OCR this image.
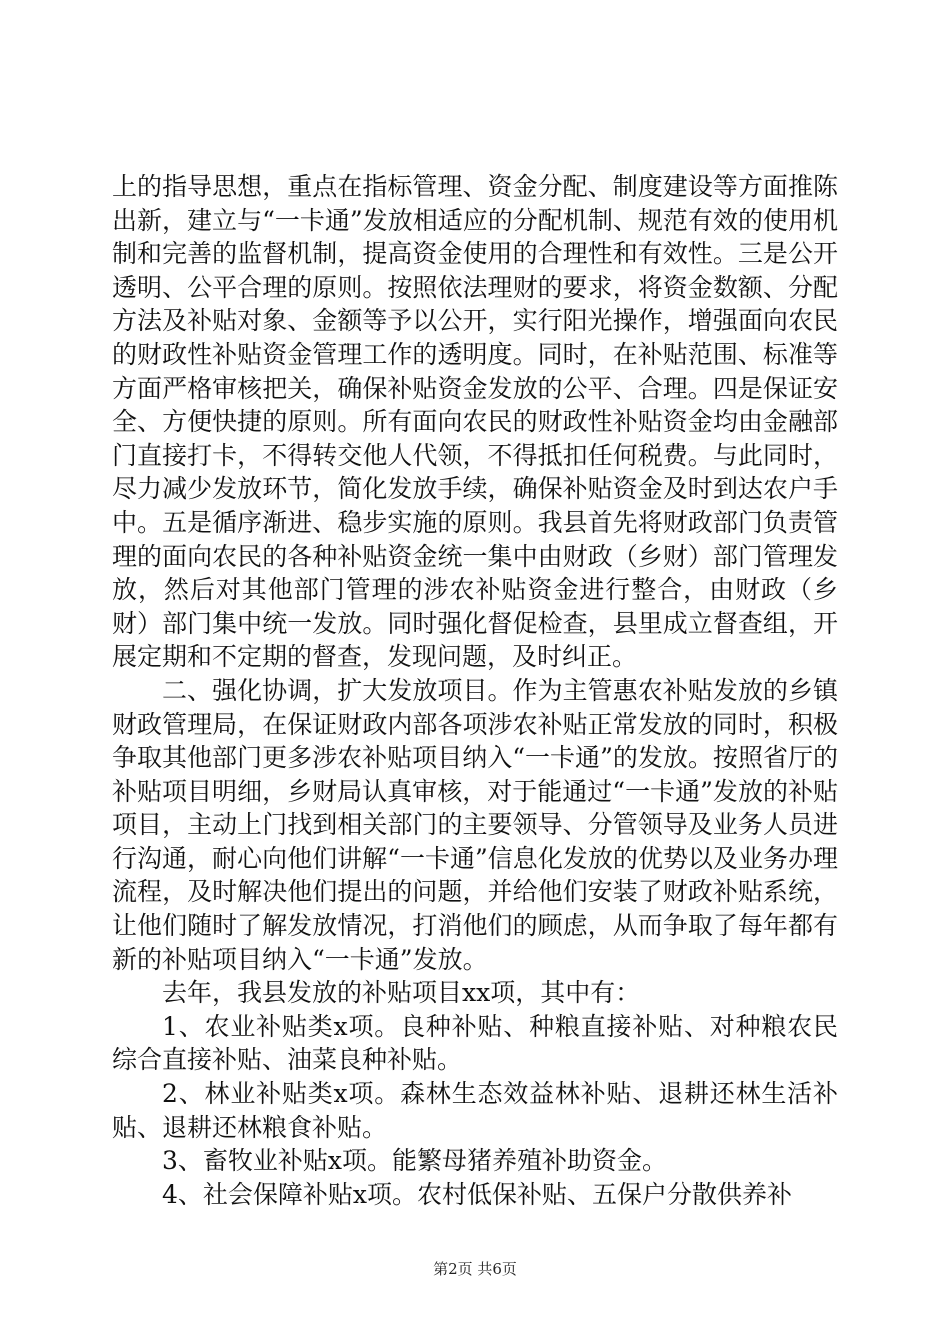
上的指导思想，重点在指标管理、资金分配、制度建设等方面推陈出新，建立与“一卡通”发放相适应的分配机制、规范有效的使用机制和完善的监督机制，提高资金使用的合理性和有效性。三是公开透明、公平合理的原则。按照依法理财的要求，将资金数额、分配方法及补贴对象、金额等予以公开，实行阳光操作，增强面向农民的财政性补贴资金管理工作的透明度。同时，在补贴范围、标准等方面严格审核把关，确保补贴资金发放的公平、合理。四是保证安全、方便快捷的原则。所有面向农民的财政性补贴资金均由金融部门直接打卡，不得转交他人代领，不得抵扣任何税费。与此同时，尽力减少发放环节，简化发放手续，确保补贴资金及时到达农户手中。五是循序渐进、稳步实施的原则。我县首先将财政部门负责管理的面向农民的各种补贴资金统一集中由财政（乡财）部门管理发放，然后对其他部门管理的涉农补贴资金进行整合，由财政（乡财）部门集中统一发放。同时强化督促检查，县里成立督查组，开展定期和不定期的督查，发现问题，及时纠正。

二、强化协调，扩大发放项目。作为主管惠农补贴发放的乡镇财政管理局，在保证财政内部各项涉农补贴正常发放的同时，积极争取其他部门更多涉农补贴项目纳入“一卡通”的发放。按照省厅的补贴项目明细，乡财局认真审核，对于能通过“一卡通”发放的补贴项目，主动上门找到相关部门的主要领导、分管领导及业务人员进行沟通，耐心向他们讲解“一卡通”信息化发放的优势以及业务办理流程，及时解决他们提出的问题，并给他们安装了财政补贴系统，让他们随时了解发放情况，打消他们的顾虑，从而争取了每年都有新的补贴项目纳入“一卡通”发放。

去年，我县发放的补贴项目xx项，其中有：

1、农业补贴类x项。良种补贴、种粮直接补贴、对种粮农民综合直接补贴、油菜良种补贴。

2、林业补贴类x项。森林生态效益林补贴、退耕还林生活补贴、退耕还林粮食补贴。

3、畜牧业补贴x项。能繁母猪养殖补助资金。

4、社会保障补贴x项。农村低保补贴、五保户分散供养补

第2页 共6页
